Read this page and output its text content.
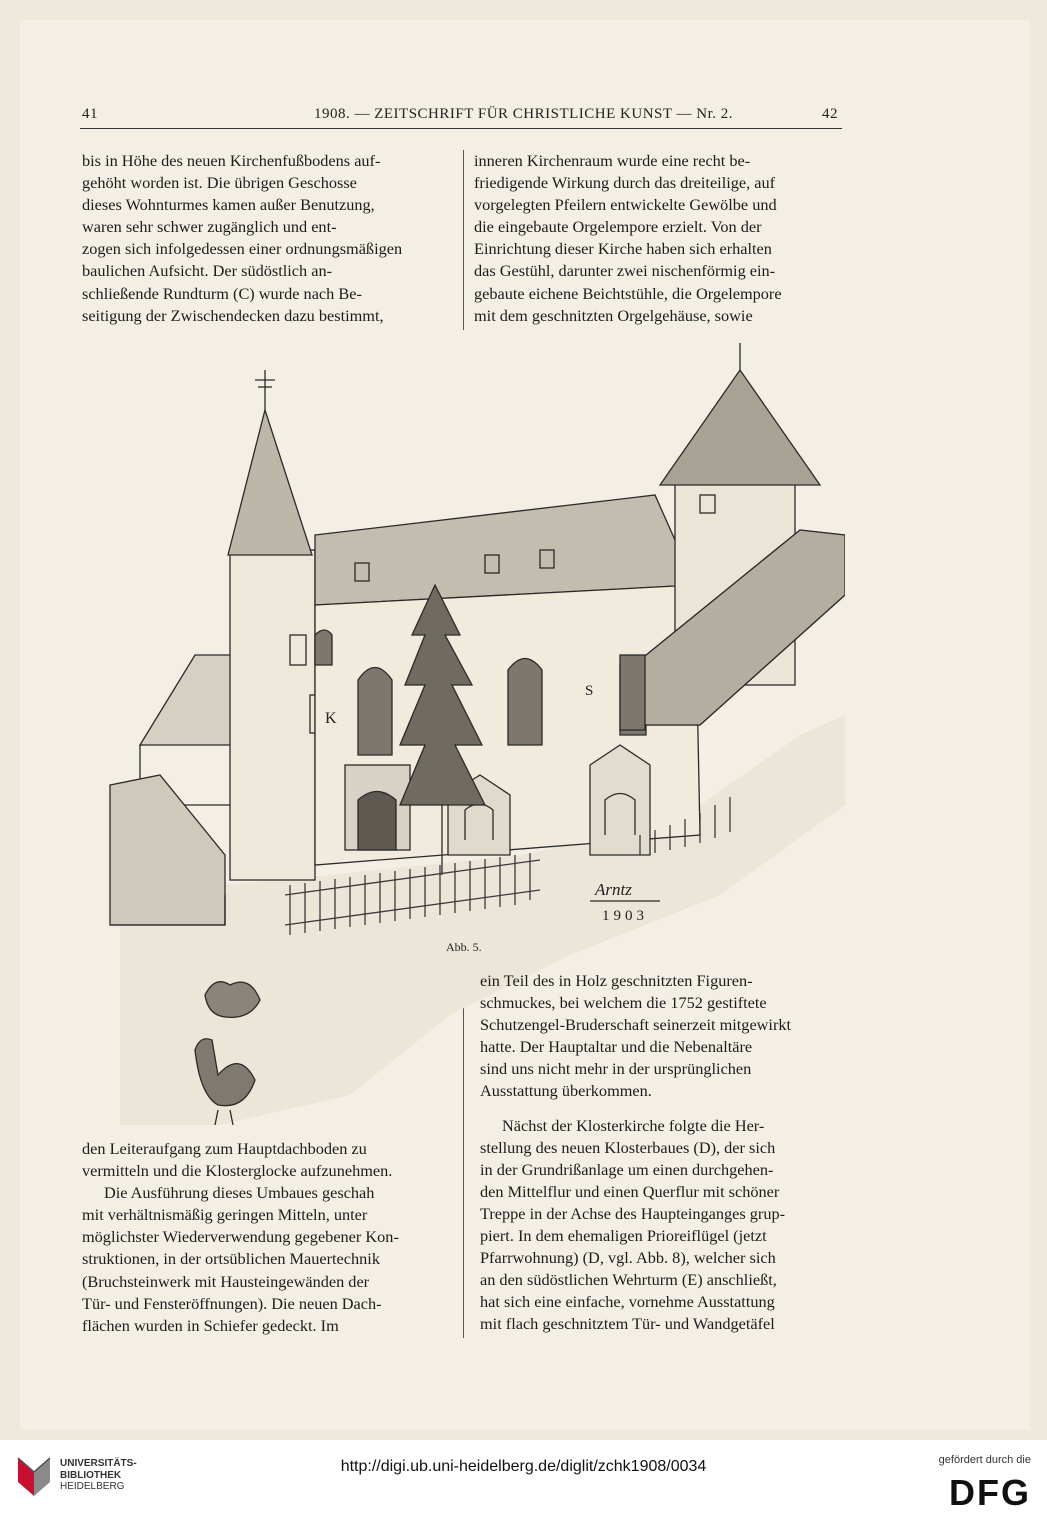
41	1908. — ZEITSCHRIFT FÜR CHRISTLICHE KUNST — Nr. 2.	42

bis in Höhe des neuen Kirchenfußbodens auf-

gehöht worden ist. Die übrigen Geschosse

dieses Wohnturmes kamen außer Benutzung,

waren sehr schwer zugänglich und ent-

zogen sich infolgedessen einer ordnungsmäßigen

baulichen Aufsicht. Der südöstlich an-

schließende Rundturm (C) wurde nach Be-

seitigung der Zwischendecken dazu bestimmt,

inneren Kirchenraum wurde eine recht be-

friedigende Wirkung durch das dreiteilige, auf

vorgelegten Pfeilern entwickelte Gewölbe und

die eingebaute Orgelempore erzielt. Von der

Einrichtung dieser Kirche haben sich erhalten

das Gestühl, darunter zwei nischenförmig ein-

gebaute eichene Beichtstühle, die Orgelempore

mit dem geschnitzten Orgelgehäuse, sowie

K
S
Arntz
1903
Abb. 5.

ein Teil des in Holz geschnitzten Figuren-

schmuckes, bei welchem die 1752 gestiftete

Schutzengel-Bruderschaft seinerzeit mitgewirkt

hatte. Der Hauptaltar und die Nebenaltäre

sind uns nicht mehr in der ursprünglichen

Ausstattung überkommen.

Nächst der Klosterkirche folgte die Her-

stellung des neuen Klosterbaues (D), der sich

in der Grundrißanlage um einen durchgehen-

den Mittelflur und einen Querflur mit schöner

Treppe in der Achse des Haupteinganges grup-

piert. In dem ehemaligen Prioreiflügel (jetzt

Pfarrwohnung) (D, vgl. Abb. 8), welcher sich

an den südöstlichen Wehrturm (E) anschließt,

hat sich eine einfache, vornehme Ausstattung

mit flach geschnitztem Tür- und Wandgetäfel

den Leiteraufgang zum Hauptdachboden zu

vermitteln und die Klosterglocke aufzunehmen.

Die Ausführung dieses Umbaues geschah

mit verhältnismäßig geringen Mitteln, unter

möglichster Wiederverwendung gegebener Kon-

struktionen, in der ortsüblichen Mauertechnik

(Bruchsteinwerk mit Hausteingewänden der

Tür- und Fensteröffnungen). Die neuen Dach-

flächen wurden in Schiefer gedeckt. Im

UNIVERSITÄTS-
BIBLIOTHEK
HEIDELBERG
http://digi.ub.uni-heidelberg.de/diglit/zchk1908/0034	gefördert durch die
DFG
